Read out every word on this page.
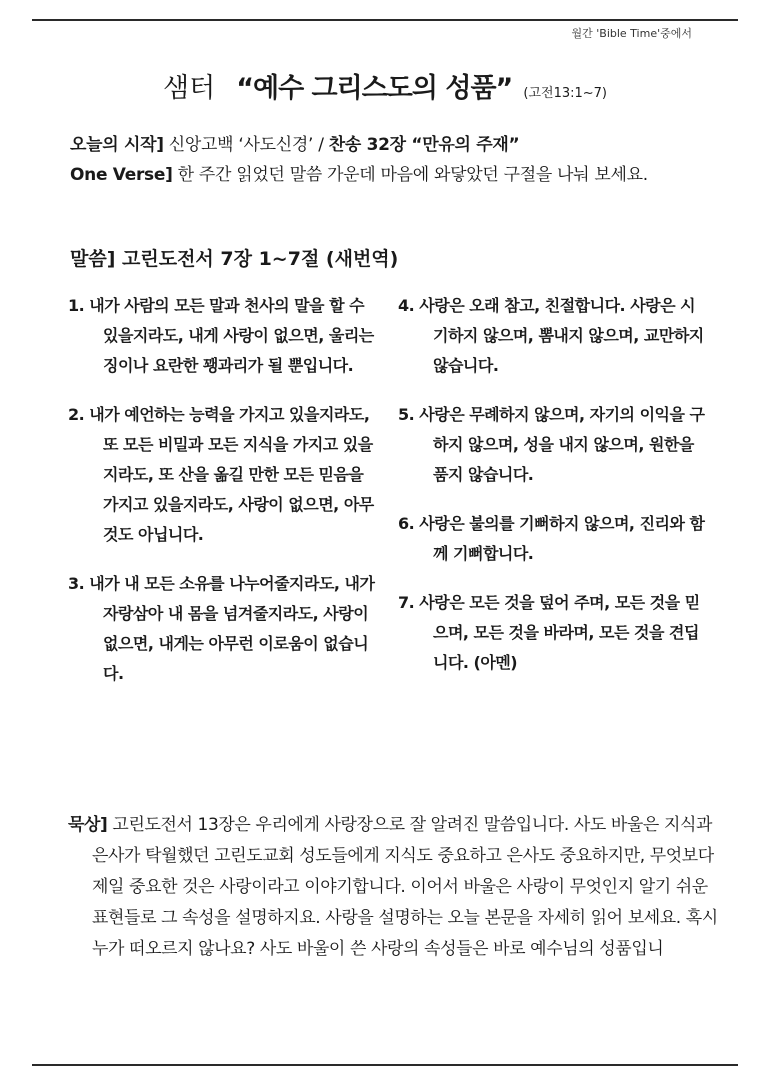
월간 'Bible Time'중에서
샘터 “예수 그리스도의 성품” (고전13:1~7)
오늘의 시작] 신앙고백 ‘사도신경’ / 찬송 32장 “만유의 주재”
One Verse] 한 주간 읽었던 말씀 가운데 마음에 와닿았던 구절을 나눠 보세요.
말씀] 고린도전서 7장 1~7절 (새번역)

1. 내가 사람의 모든 말과 천사의 말을 할 수 있을지라도, 내게 사랑이 없으면, 울리는 징이나 요란한 꽹과리가 될 뿐입니다.

2. 내가 예언하는 능력을 가지고 있을지라도, 또 모든 비밀과 모든 지식을 가지고 있을지라도, 또 산을 옮길 만한 모든 믿음을 가지고 있을지라도, 사랑이 없으면, 아무것도 아닙니다.

3. 내가 내 모든 소유를 나누어줄지라도, 내가 자랑삼아 내 몸을 넘겨줄지라도, 사랑이 없으면, 내게는 아무런 이로움이 없습니다.

4. 사랑은 오래 참고, 친절합니다. 사랑은 시기하지 않으며, 뽐내지 않으며, 교만하지 않습니다.

5. 사랑은 무례하지 않으며, 자기의 이익을 구하지 않으며, 성을 내지 않으며, 원한을 품지 않습니다.

6. 사랑은 불의를 기뻐하지 않으며, 진리와 함께 기뻐합니다.

7. 사랑은 모든 것을 덮어 주며, 모든 것을 믿으며, 모든 것을 바라며, 모든 것을 견딥니다. (아멘)

묵상] 고린도전서 13장은 우리에게 사랑장으로 잘 알려진 말씀입니다. 사도 바울은 지식과 은사가 탁월했던 고린도교회 성도들에게 지식도 중요하고 은사도 중요하지만, 무엇보다 제일 중요한 것은 사랑이라고 이야기합니다. 이어서 바울은 사랑이 무엇인지 알기 쉬운 표현들로 그 속성을 설명하지요. 사랑을 설명하는 오늘 본문을 자세히 읽어 보세요. 혹시 누가 떠오르지 않나요? 사도 바울이 쓴 사랑의 속성들은 바로 예수님의 성품입니
